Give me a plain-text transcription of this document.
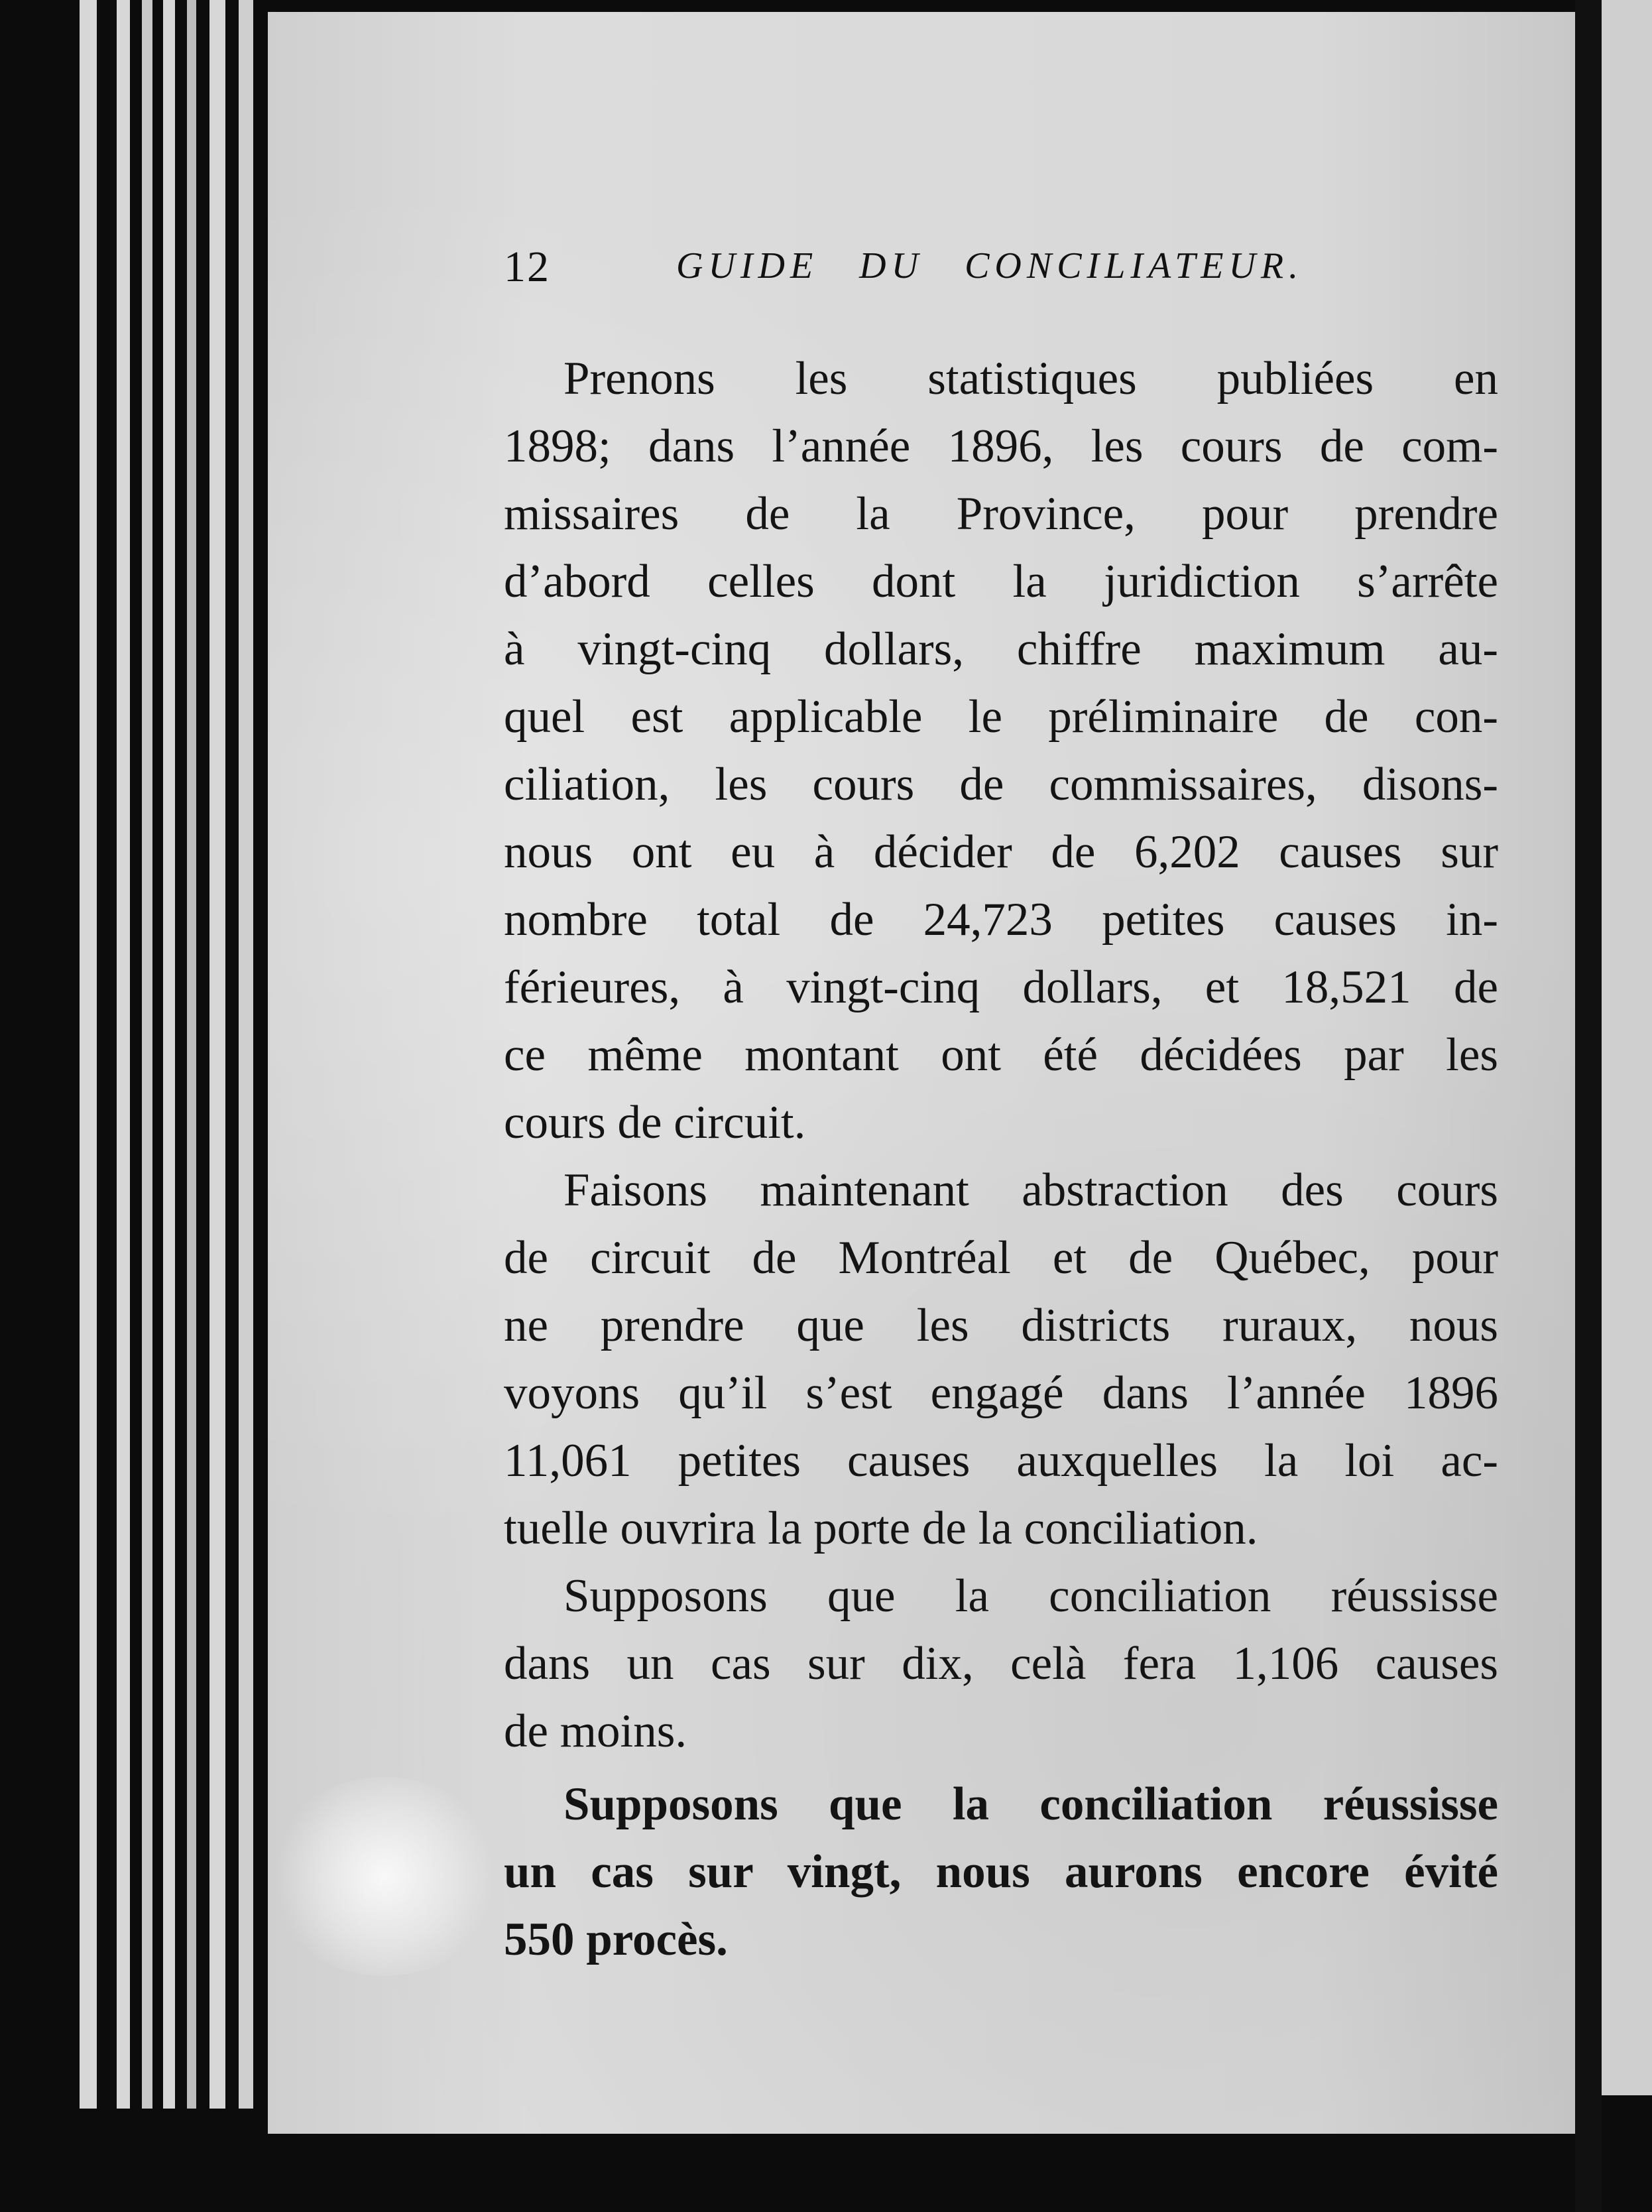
12	GUIDE DU CONCILIATEUR.
Prenons les statistiques publiées en
1898; dans l’année 1896, les cours de com-
missaires de la Province, pour prendre
d’abord celles dont la juridiction s’arrête
à vingt-cinq dollars, chiffre maximum au-
quel est applicable le préliminaire de con-
ciliation, les cours de commissaires, disons-
nous ont eu à décider de 6,202 causes sur
nombre total de 24,723 petites causes in-
férieures, à vingt-cinq dollars, et 18,521 de
ce même montant ont été décidées par les
cours de circuit.
Faisons maintenant abstraction des cours
de circuit de Montréal et de Québec, pour
ne prendre que les districts ruraux, nous
voyons qu’il s’est engagé dans l’année 1896
11,061 petites causes auxquelles la loi ac-
tuelle ouvrira la porte de la conciliation.
Supposons que la conciliation réussisse
dans un cas sur dix, celà fera 1,106 causes
de moins.
Supposons que la conciliation réussisse
un cas sur vingt, nous aurons encore évité
550 procès.
